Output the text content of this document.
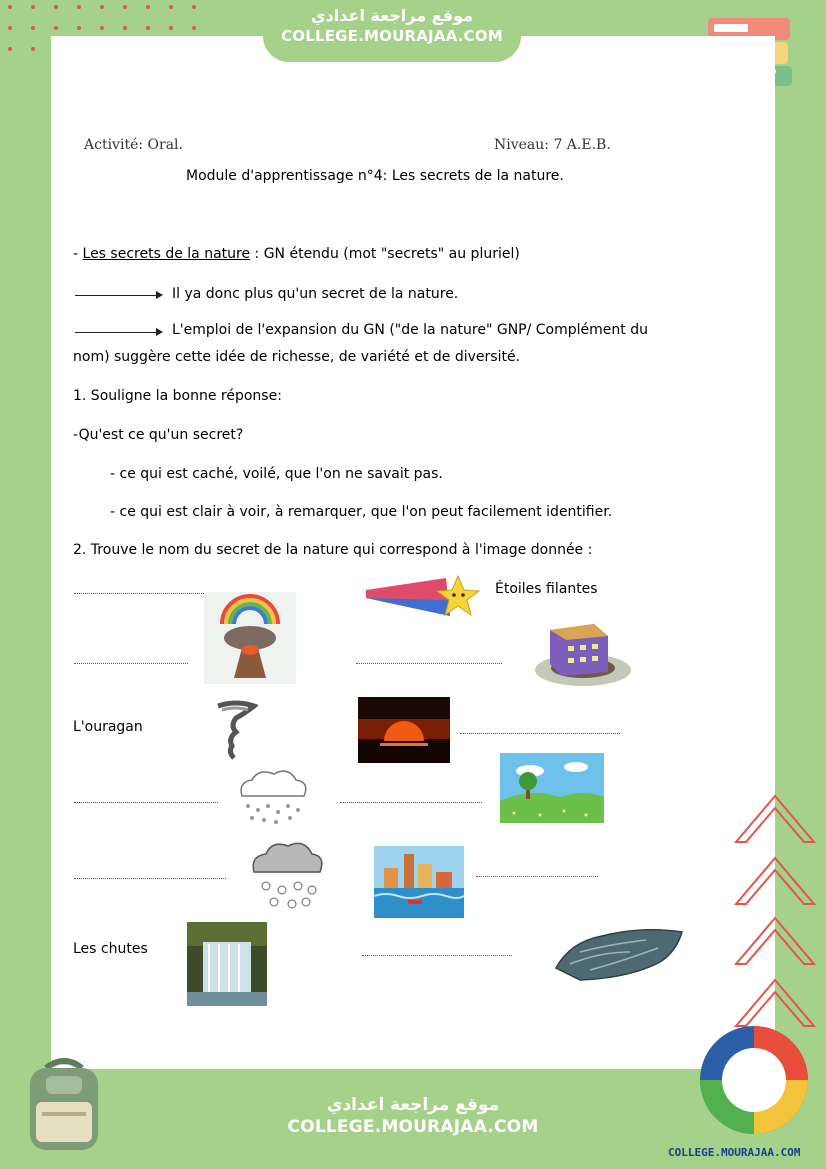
موقع مراجعة اعدادي
COLLEGE.MOURAJAA.COM
Activité: Oral.	Niveau: 7 A.E.B.
Module d'apprentissage n°4: Les secrets de la nature.
- Les secrets de la nature : GN étendu (mot "secrets" au pluriel)
Il ya donc plus qu'un secret de la nature.
L'emploi de l'expansion du GN ("de la nature" GNP/ Complément du
nom) suggère cette idée de richesse, de variété et de diversité.
1. Souligne la bonne réponse:
-Qu'est ce qu'un secret?
- ce qui est caché, voilé, que l'on ne savait pas.
- ce qui est clair à voir, à remarquer, que l'on peut facilement identifier.
2. Trouve le nom du secret de la nature qui correspond à l'image donnée :
Étoiles filantes
L'ouragan
Les chutes
موقع مراجعة اعدادي
COLLEGE.MOURAJAA.COM
COLLEGE.MOURAJAA.COM
